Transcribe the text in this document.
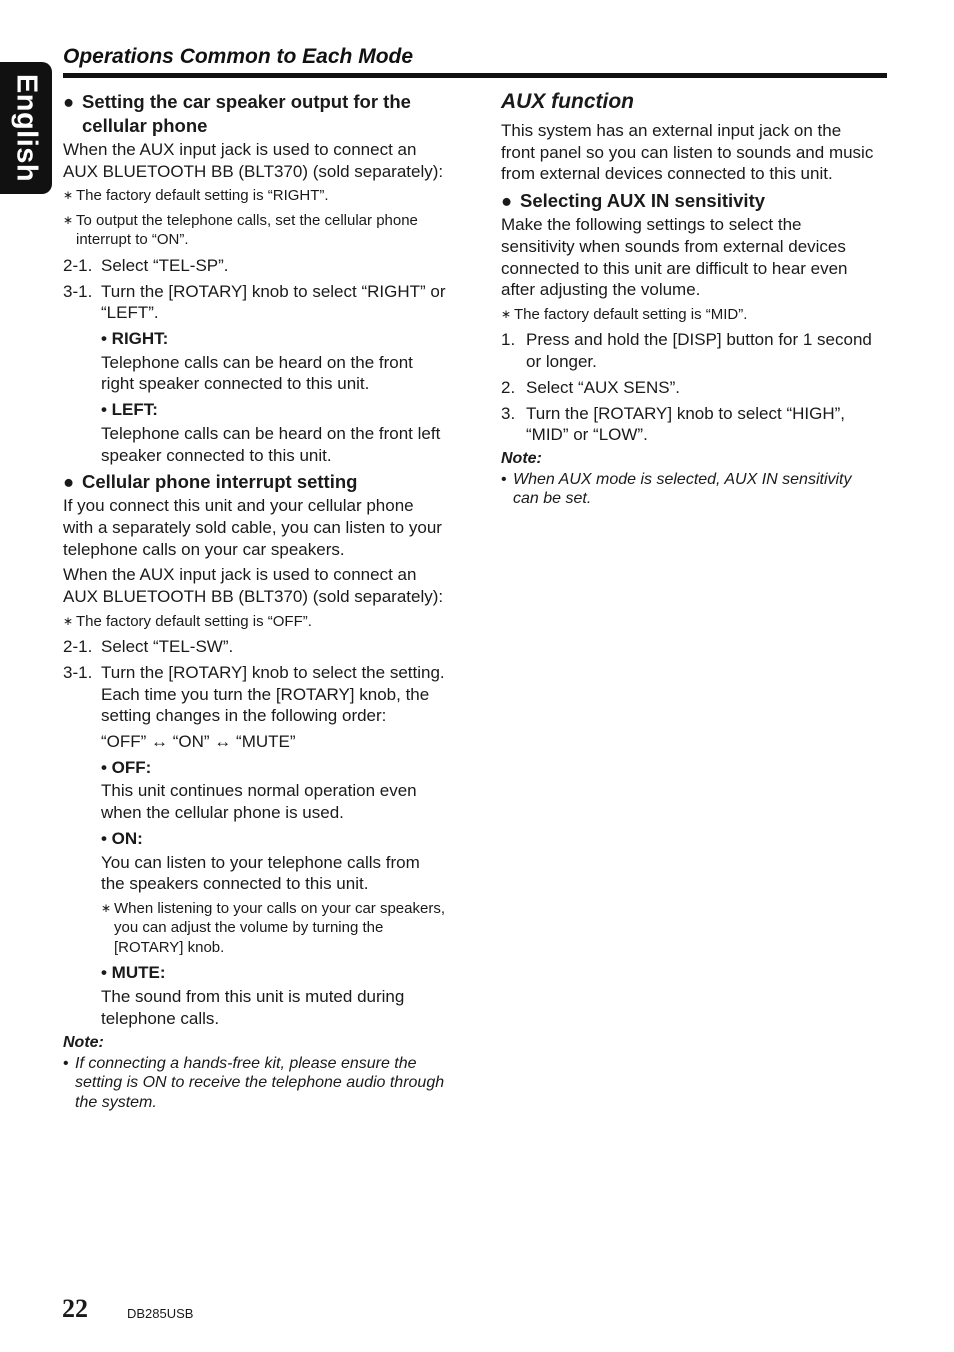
English
Operations Common to Each Mode
● Setting the car speaker output for the cellular phone

When the AUX input jack is used to connect an AUX BLUETOOTH BB (BLT370) (sold separately):

∗ The factory default setting is “RIGHT”.
∗ To output the telephone calls, set the cellular phone interrupt to “ON”.
2-1. Select “TEL-SP”.
3-1. Turn the [ROTARY] knob to select “RIGHT” or “LEFT”.
• RIGHT:

Telephone calls can be heard on the front right speaker connected to this unit.

• LEFT:

Telephone calls can be heard on the front left speaker connected to this unit.

● Cellular phone interrupt setting

If you connect this unit and your cellular phone with a separately sold cable, you can listen to your telephone calls on your car speakers.

When the AUX input jack is used to connect an AUX BLUETOOTH BB (BLT370) (sold separately):

∗ The factory default setting is “OFF”.
2-1. Select “TEL-SW”.
3-1. Turn the [ROTARY] knob to select the setting. Each time you turn the [ROTARY] knob, the setting changes in the following order:

“OFF” ↔ “ON” ↔ “MUTE”

• OFF:

This unit continues normal operation even when the cellular phone is used.

• ON:

You can listen to your telephone calls from the speakers connected to this unit.

∗ When listening to your calls on your car speakers, you can adjust the volume by turning the [ROTARY] knob.
• MUTE:

The sound from this unit is muted during telephone calls.

Note:
• If connecting a hands-free kit, please ensure the setting is ON to receive the telephone audio through the system.
AUX function

This system has an external input jack on the front panel so you can listen to sounds and music from external devices connected to this unit.

● Selecting AUX IN sensitivity

Make the following settings to select the sensitivity when sounds from external devices connected to this unit are difficult to hear even after adjusting the volume.

∗ The factory default setting is “MID”.
1. Press and hold the [DISP] button for 1 second or longer.
2. Select “AUX SENS”.
3. Turn the [ROTARY] knob to select “HIGH”, “MID” or “LOW”.
Note:
• When AUX mode is selected, AUX IN sensitivity can be set.
22	DB285USB
